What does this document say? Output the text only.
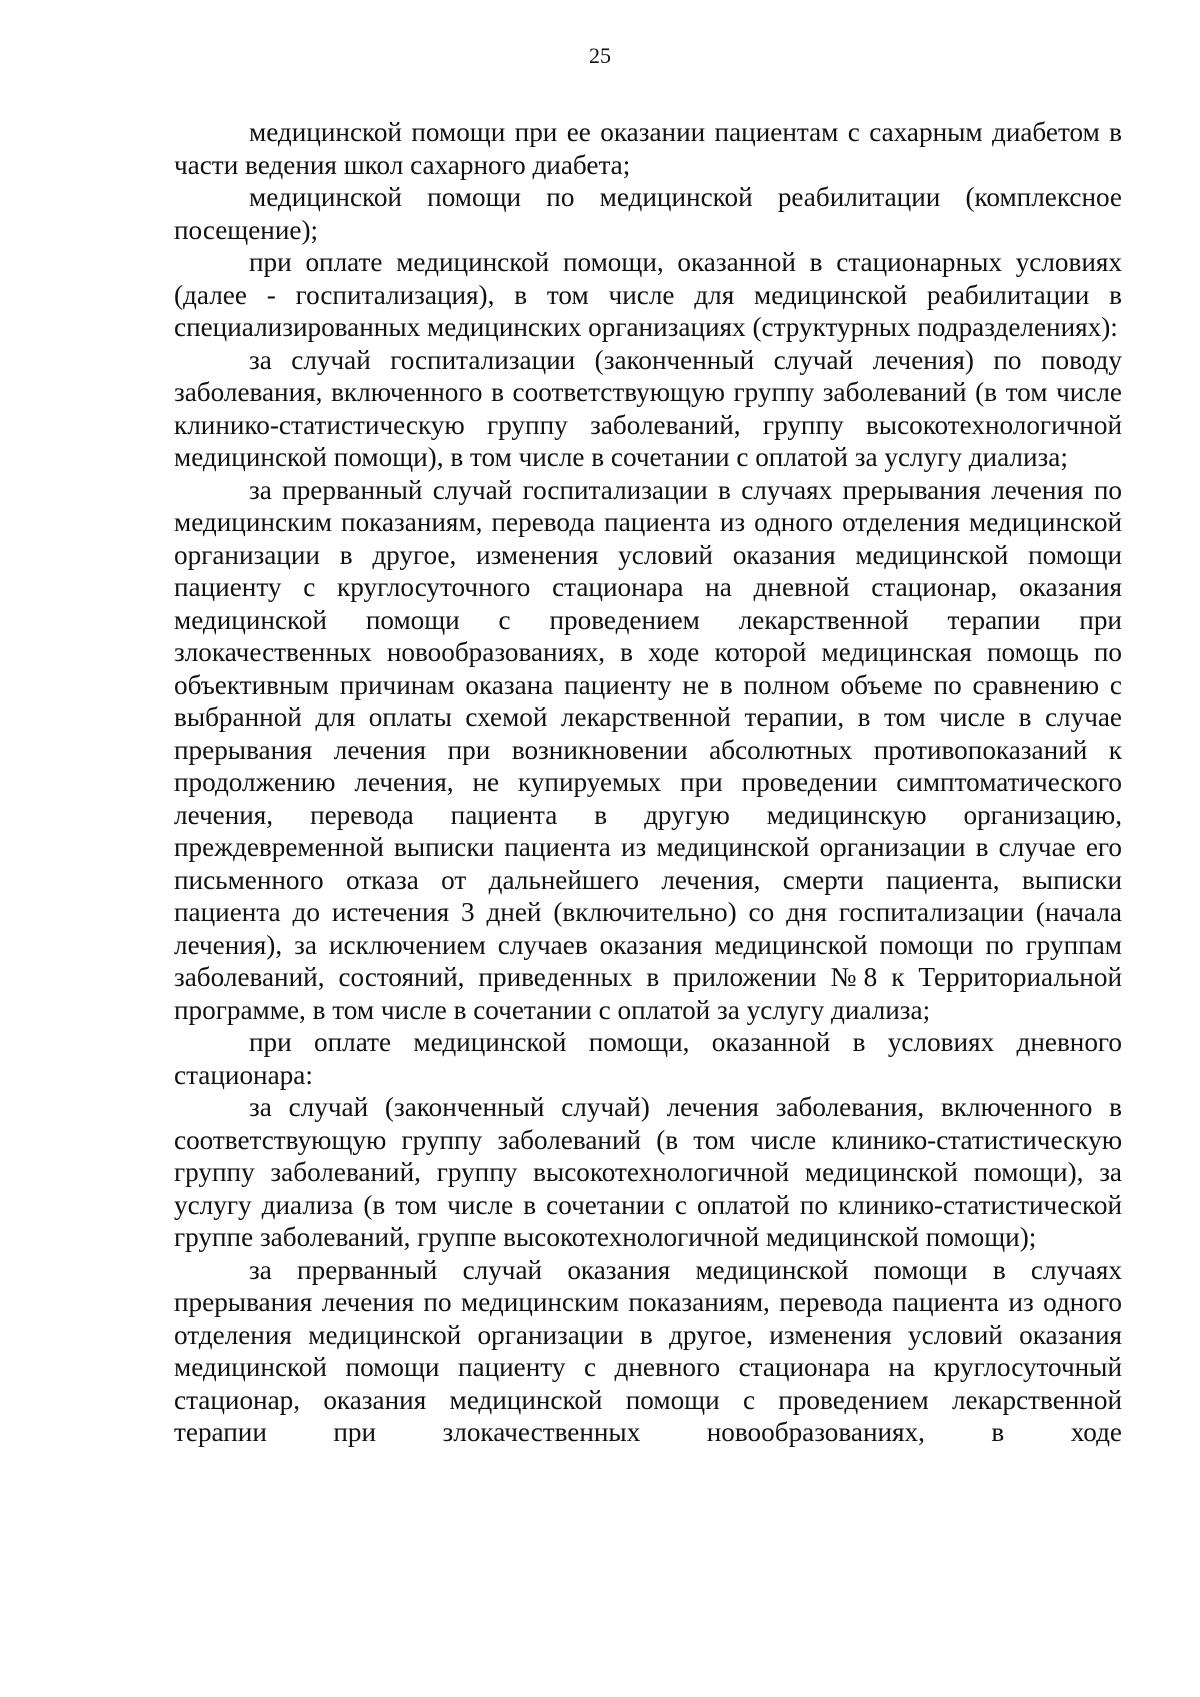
25

медицинской помощи при ее оказании пациентам с сахарным диабетом в части ведения школ сахарного диабета;

медицинской помощи по медицинской реабилитации (комплексное посещение);

при оплате медицинской помощи, оказанной в стационарных условиях (далее - госпитализация), в том числе для медицинской реабилитации в специализированных медицинских организациях (структурных подразделениях):

за случай госпитализации (законченный случай лечения) по поводу заболевания, включенного в соответствующую группу заболеваний (в том числе клинико-статистическую группу заболеваний, группу высокотехнологичной медицинской помощи), в том числе в сочетании с оплатой за услугу диализа;

за прерванный случай госпитализации в случаях прерывания лечения по медицинским показаниям, перевода пациента из одного отделения медицинской организации в другое, изменения условий оказания медицинской помощи пациенту с круглосуточного стационара на дневной стационар, оказания медицинской помощи с проведением лекарственной терапии при злокачественных новообразованиях, в ходе которой медицинская помощь по объективным причинам оказана пациенту не в полном объеме по сравнению с выбранной для оплаты схемой лекарственной терапии, в том числе в случае прерывания лечения при возникновении абсолютных противопоказаний к продолжению лечения, не купируемых при проведении симптоматического лечения, перевода пациента в другую медицинскую организацию, преждевременной выписки пациента из медицинской организации в случае его письменного отказа от дальнейшего лечения, смерти пациента, выписки пациента до истечения 3 дней (включительно) со дня госпитализации (начала лечения), за исключением случаев оказания медицинской помощи по группам заболеваний, состояний, приведенных в приложении №8 к Территориальной программе, в том числе в сочетании с оплатой за услугу диализа;

при оплате медицинской помощи, оказанной в условиях дневного стационара:

за случай (законченный случай) лечения заболевания, включенного в соответствующую группу заболеваний (в том числе клинико-статистическую группу заболеваний, группу высокотехнологичной медицинской помощи), за услугу диализа (в том числе в сочетании с оплатой по клинико-статистической группе заболеваний, группе высокотехнологичной медицинской помощи);

за прерванный случай оказания медицинской помощи в случаях прерывания лечения по медицинским показаниям, перевода пациента из одного отделения медицинской организации в другое, изменения условий оказания медицинской помощи пациенту с дневного стационара на круглосуточный стационар, оказания медицинской помощи с проведением лекарственной терапии при злокачественных новообразованиях, в ходе
